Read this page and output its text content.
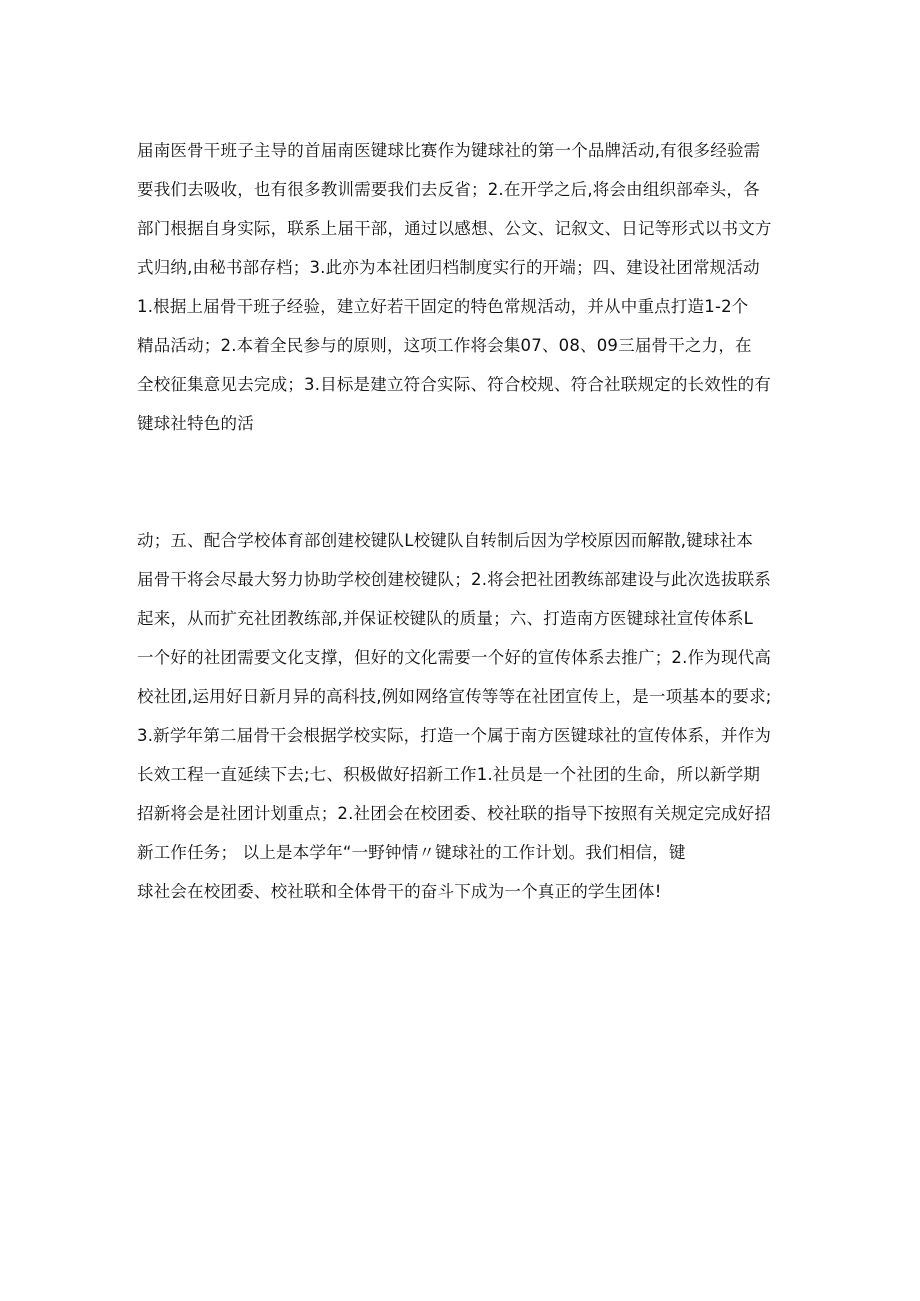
届南医骨干班子主导的首届南医键球比赛作为键球社的第一个品牌活动,有很多经验需
要我们去吸收，也有很多教训需要我们去反省；2.在开学之后,将会由组织部牵头，各
部门根据自身实际，联系上届干部，通过以感想、公文、记叙文、日记等形式以书文方
式归纳,由秘书部存档；3.此亦为本社团归档制度实行的开端；四、建设社团常规活动
1.根据上届骨干班子经验，建立好若干固定的特色常规活动，并从中重点打造1-2个
精品活动；2.本着全民参与的原则，这项工作将会集07、08、09三届骨干之力，在
全校征集意见去完成；3.目标是建立符合实际、符合校规、符合社联规定的长效性的有
键球社特色的活
动；五、配合学校体育部创建校键队L校键队自转制后因为学校原因而解散,键球社本
届骨干将会尽最大努力协助学校创建校键队；2.将会把社团教练部建设与此次选拔联系
起来，从而扩充社团教练部,并保证校键队的质量；六、打造南方医键球社宣传体系L
一个好的社团需要文化支撑，但好的文化需要一个好的宣传体系去推广；2.作为现代高
校社团,运用好日新月异的高科技,例如网络宣传等等在社团宣传上，是一项基本的要求;
3.新学年第二届骨干会根据学校实际，打造一个属于南方医键球社的宣传体系，并作为
长效工程一直延续下去;七、积极做好招新工作1.社员是一个社团的生命，所以新学期
招新将会是社团计划重点；2.社团会在校团委、校社联的指导下按照有关规定完成好招
新工作任务； 以上是本学年“一野钟情〃键球社的工作计划。我们相信，键
球社会在校团委、校社联和全体骨干的奋斗下成为一个真正的学生团体!
